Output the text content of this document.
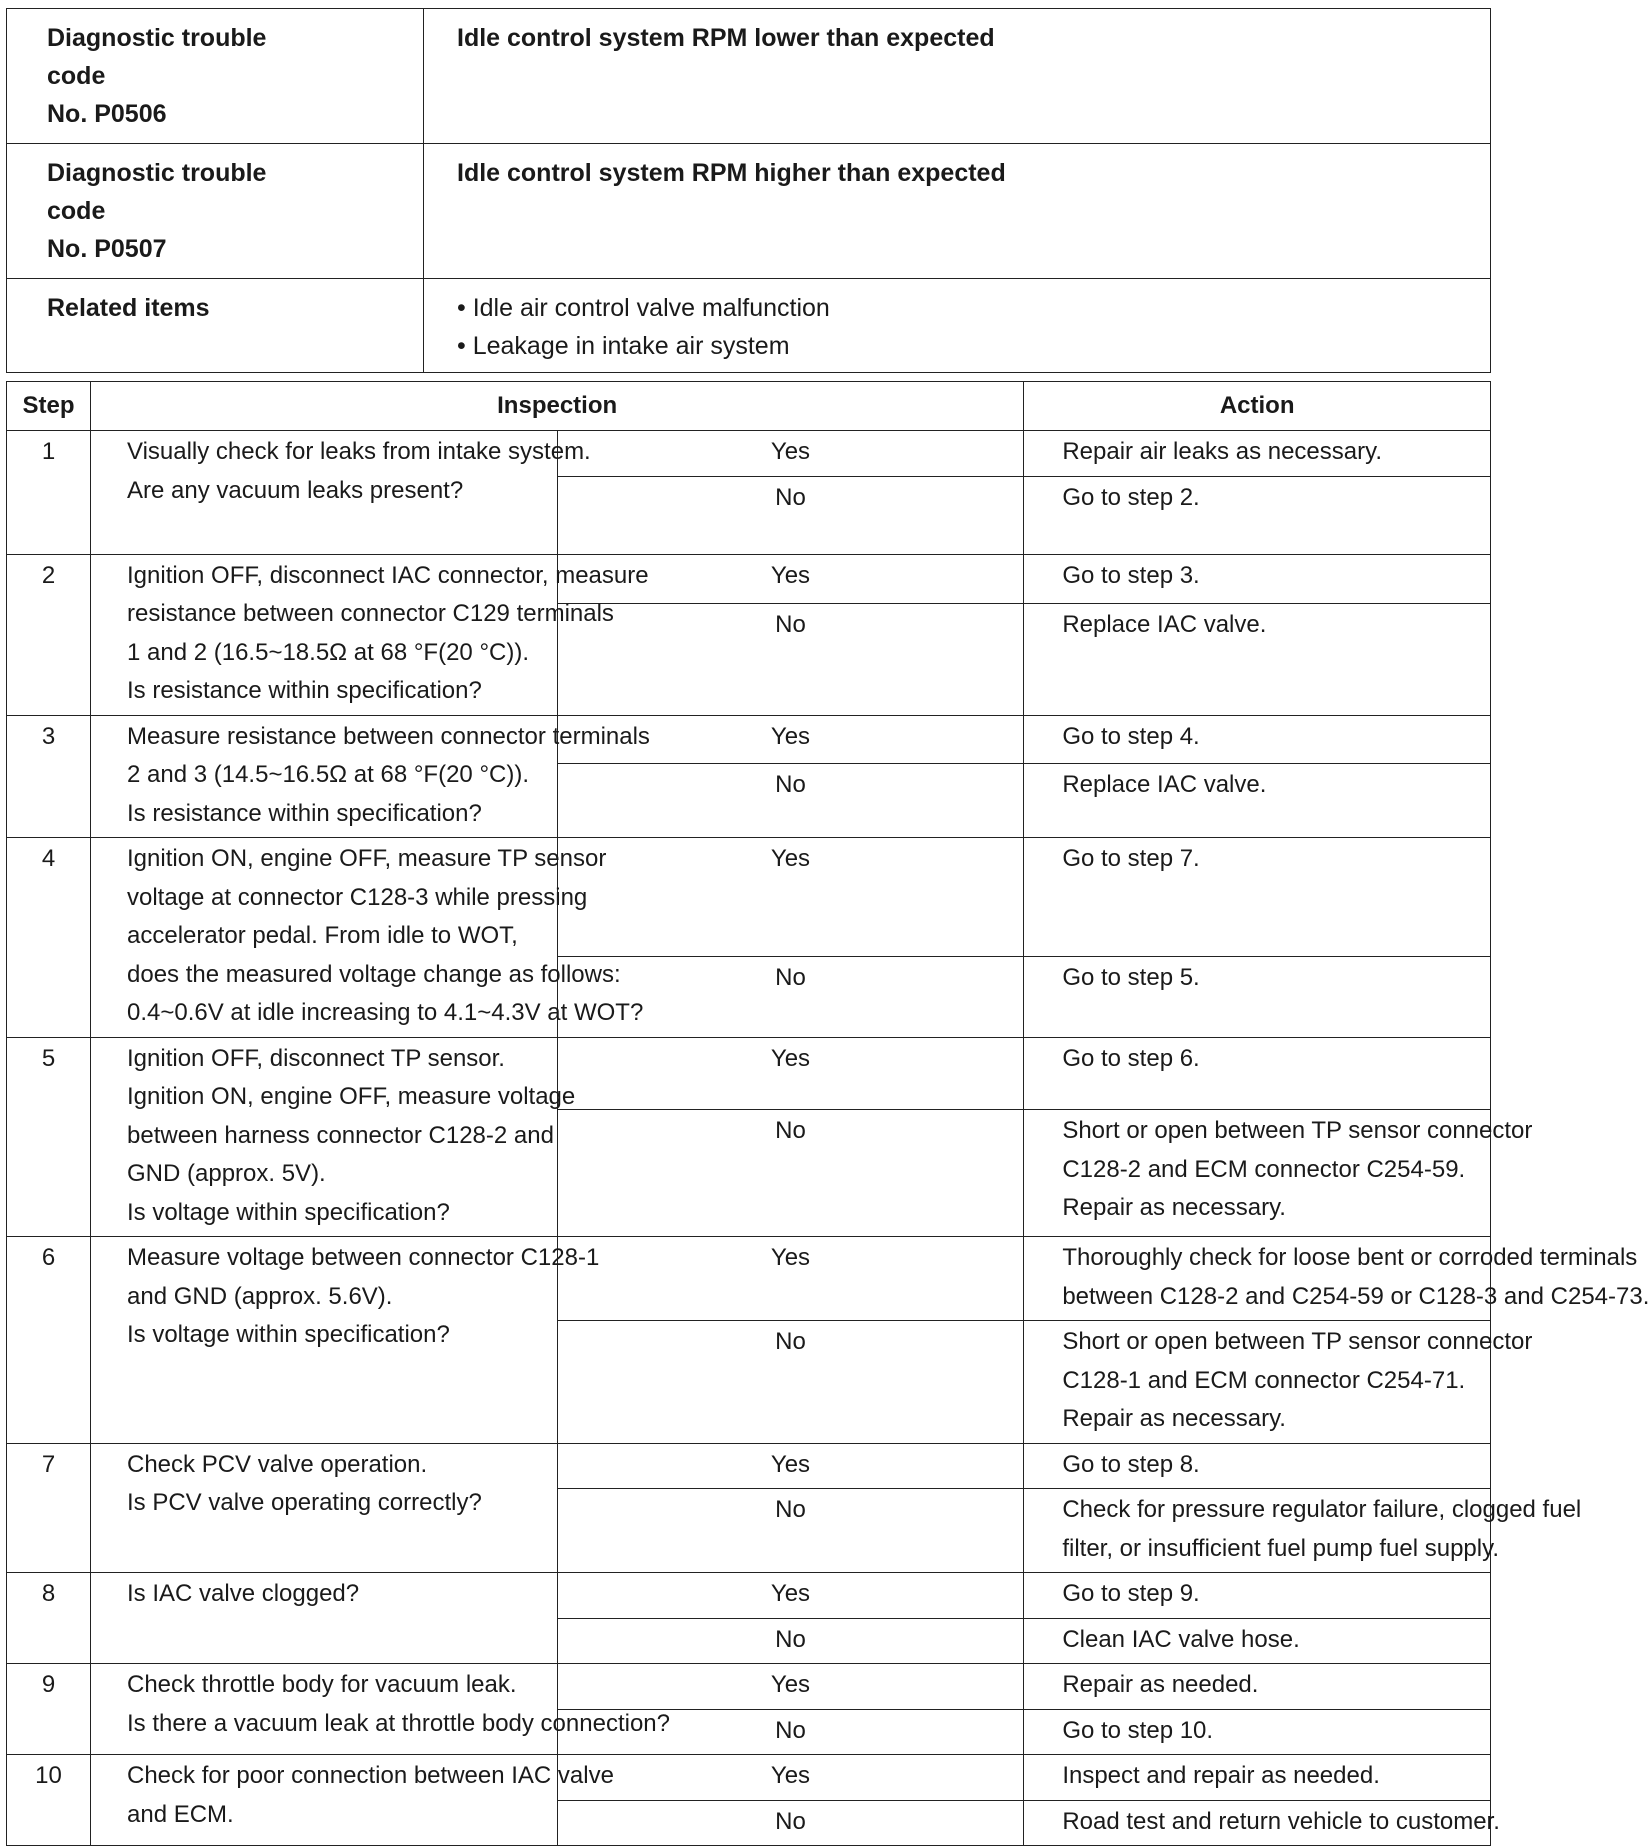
Diagnostic trouble
code
No. P0506	Idle control system RPM lower than expected

Diagnostic trouble
code
No. P0507	Idle control system RPM higher than expected
Related items	• Idle air control valve malfunction
• Leakage in intake air system
Step	Inspection		Action
1	Visually check for leaks from intake system.
Are any vacuum leaks present?	Yes	Repair air leaks as necessary.

		No	Go to step 2.

2	Ignition OFF, disconnect IAC connector, measure
resistance between connector C129 terminals
1 and 2 (16.5~18.5Ω at 68 °F(20 °C)).
Is resistance within specification?	Yes	Go to step 3.

		No	Replace IAC valve.

3	Measure resistance between connector terminals
2 and 3 (14.5~16.5Ω at 68 °F(20 °C)).
Is resistance within specification?	Yes	Go to step 4.

		No	Replace IAC valve.

4	Ignition ON, engine OFF, measure TP sensor
voltage at connector C128-3 while pressing
accelerator pedal. From idle to WOT,
does the measured voltage change as follows:
0.4~0.6V at idle increasing to 4.1~4.3V at WOT?	Yes	Go to step 7.

		No	Go to step 5.

5	Ignition OFF, disconnect TP sensor.
Ignition ON, engine OFF, measure voltage
between harness connector C128-2 and
GND (approx. 5V).
Is voltage within specification?	Yes	Go to step 6.

		No	Short or open between TP sensor connector
C128-2 and ECM connector C254-59.
Repair as necessary.

6	Measure voltage between connector C128-1
and GND (approx. 5.6V).
Is voltage within specification?	Yes	Thoroughly check for loose bent or corroded terminals
between C128-2 and C254-59 or C128-3 and C254-73.

		No	Short or open between TP sensor connector
C128-1 and ECM connector C254-71.
Repair as necessary.

7	Check PCV valve operation.
Is PCV valve operating correctly?	Yes	Go to step 8.

		No	Check for pressure regulator failure, clogged fuel
filter, or insufficient fuel pump fuel supply.

8	Is IAC valve clogged?	Yes	Go to step 9.

		No	Clean IAC valve hose.

9	Check throttle body for vacuum leak.
Is there a vacuum leak at throttle body connection?	Yes	Repair as needed.

		No	Go to step 10.

10	Check for poor connection between IAC valve
and ECM.	Yes	Inspect and repair as needed.

		No	Road test and return vehicle to customer.
